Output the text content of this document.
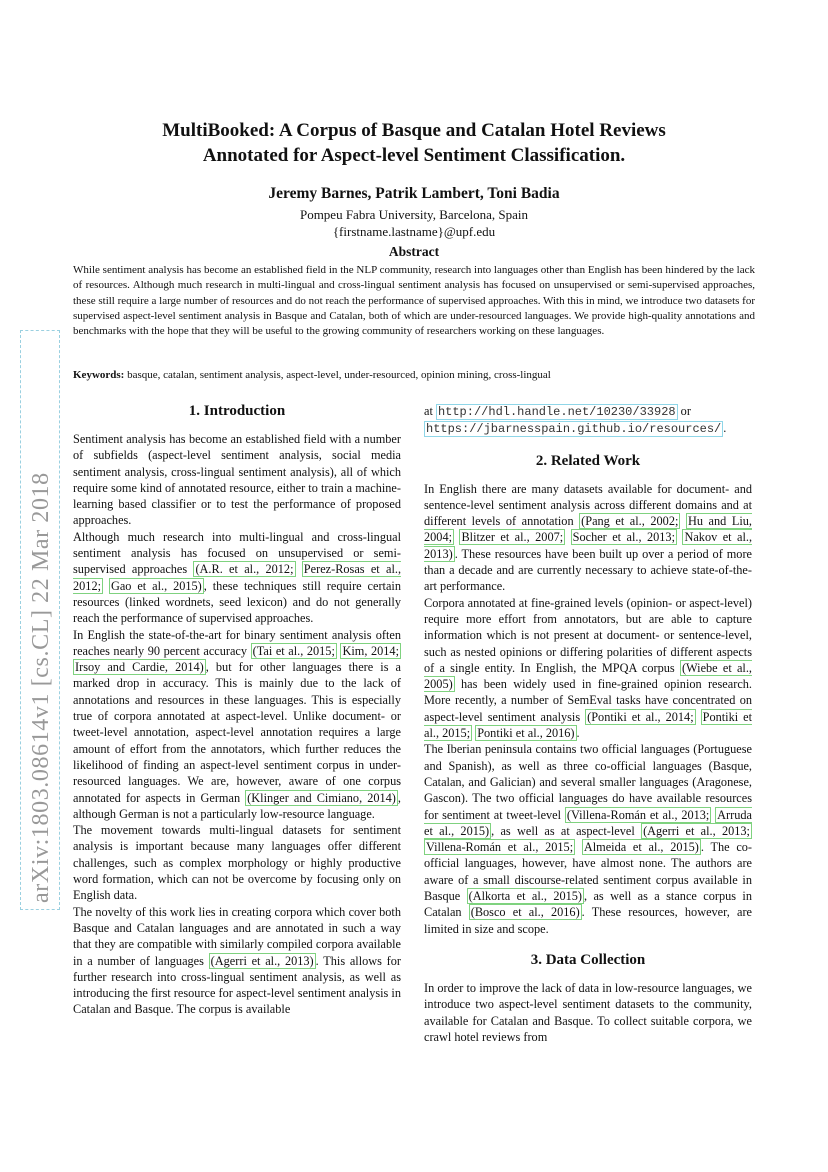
arXiv:1803.08614v1 [cs.CL] 22 Mar 2018
MultiBooked: A Corpus of Basque and Catalan Hotel Reviews
Annotated for Aspect-level Sentiment Classification.
Jeremy Barnes, Patrik Lambert, Toni Badia
Pompeu Fabra University, Barcelona, Spain
{firstname.lastname}@upf.edu
Abstract

While sentiment analysis has become an established field in the NLP community, research into languages other than English has been hindered by the lack of resources. Although much research in multi-lingual and cross-lingual sentiment analysis has focused on unsupervised or semi-supervised approaches, these still require a large number of resources and do not reach the performance of supervised approaches. With this in mind, we introduce two datasets for supervised aspect-level sentiment analysis in Basque and Catalan, both of which are under-resourced languages. We provide high-quality annotations and benchmarks with the hope that they will be useful to the growing community of researchers working on these languages.

Keywords: basque, catalan, sentiment analysis, aspect-level, under-resourced, opinion mining, cross-lingual

1. Introduction

Sentiment analysis has become an established field with a number of subfields (aspect-level sentiment analysis, social media sentiment analysis, cross-lingual sentiment analysis), all of which require some kind of annotated resource, either to train a machine-learning based classifier or to test the performance of proposed approaches.

Although much research into multi-lingual and cross-lingual sentiment analysis has focused on unsupervised or semi-supervised approaches (A.R. et al., 2012; Perez-Rosas et al., 2012; Gao et al., 2015) , these techniques still require certain resources (linked wordnets, seed lexicon) and do not generally reach the performance of supervised approaches.

In English the state-of-the-art for binary sentiment analysis often reaches nearly 90 percent accuracy (Tai et al., 2015; Kim, 2014; Irsoy and Cardie, 2014) , but for other languages there is a marked drop in accuracy. This is mainly due to the lack of annotations and resources in these languages. This is especially true of corpora annotated at aspect-level. Unlike document- or tweet-level annotation, aspect-level annotation requires a large amount of effort from the annotators, which further reduces the likelihood of finding an aspect-level sentiment corpus in under-resourced languages. We are, however, aware of one corpus annotated for aspects in German (Klinger and Cimiano, 2014) , although German is not a particularly low-resource language.

The movement towards multi-lingual datasets for sentiment analysis is important because many languages offer different challenges, such as complex morphology or highly productive word formation, which can not be overcome by focusing only on English data.

The novelty of this work lies in creating corpora which cover both Basque and Catalan languages and are annotated in such a way that they are compatible with similarly compiled corpora available in a number of languages (Agerri et al., 2013) . This allows for further research into cross-lingual sentiment analysis, as well as introducing the first resource for aspect-level sentiment analysis in Catalan and Basque. The corpus is available

at http://hdl.handle.net/10230/33928 or https://jbarnesspain.github.io/resources/ .

2. Related Work

In English there are many datasets available for document- and sentence-level sentiment analysis across different domains and at different levels of annotation (Pang et al., 2002; Hu and Liu, 2004; Blitzer et al., 2007; Socher et al., 2013; Nakov et al., 2013) . These resources have been built up over a period of more than a decade and are currently necessary to achieve state-of-the-art performance.

Corpora annotated at fine-grained levels (opinion- or aspect-level) require more effort from annotators, but are able to capture information which is not present at document- or sentence-level, such as nested opinions or differing polarities of different aspects of a single entity. In English, the MPQA corpus (Wiebe et al., 2005) has been widely used in fine-grained opinion research. More recently, a number of SemEval tasks have concentrated on aspect-level sentiment analysis (Pontiki et al., 2014; Pontiki et al., 2015; Pontiki et al., 2016) .

The Iberian peninsula contains two official languages (Portuguese and Spanish), as well as three co-official languages (Basque, Catalan, and Galician) and several smaller languages (Aragonese, Gascon). The two official languages do have available resources for sentiment at tweet-level (Villena-Román et al., 2013; Arruda et al., 2015) , as well as at aspect-level (Agerri et al., 2013; Villena-Román et al., 2015; Almeida et al., 2015) . The co-official languages, however, have almost none. The authors are aware of a small discourse-related sentiment corpus available in Basque (Alkorta et al., 2015) , as well as a stance corpus in Catalan (Bosco et al., 2016) . These resources, however, are limited in size and scope.

3. Data Collection

In order to improve the lack of data in low-resource languages, we introduce two aspect-level sentiment datasets to the community, available for Catalan and Basque. To collect suitable corpora, we crawl hotel reviews from
